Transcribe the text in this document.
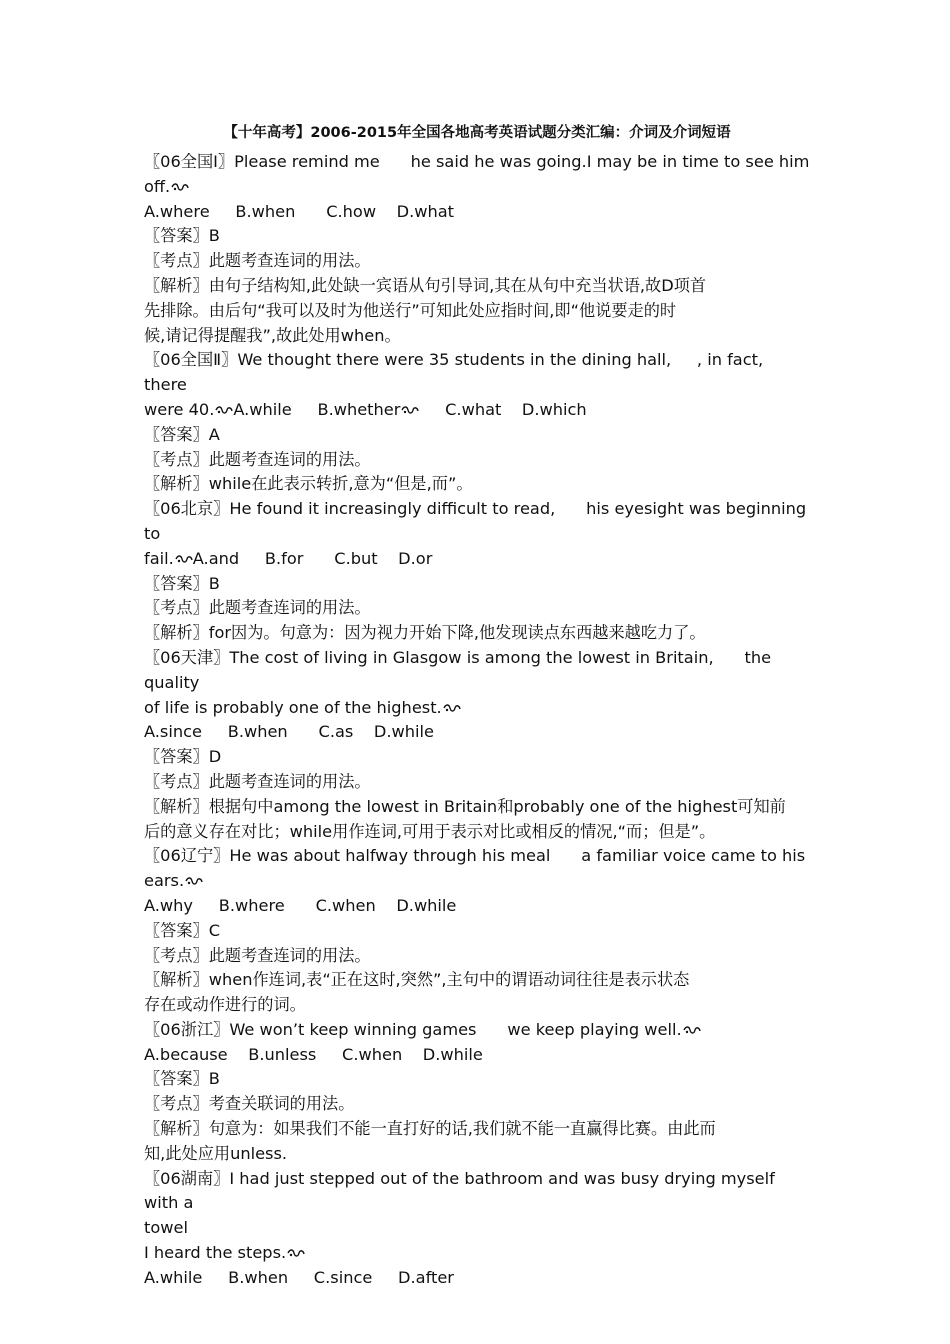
【十年高考】2006-2015年全国各地高考英语试题分类汇编：介词及介词短语

〖06全国Ⅰ〗Please remind me      he said he was going.I may be in time to see him

off.

A.where     B.when      C.how    D.what

〖答案〗B

〖考点〗此题考查连词的用法。

〖解析〗由句子结构知,此处缺一宾语从句引导词,其在从句中充当状语,故D项首

先排除。由后句“我可以及时为他送行”可知此处应指时间,即“他说要走的时

候,请记得提醒我”,故此处用when。

〖06全国Ⅱ〗We thought there were 35 students in the dining hall,     , in fact, there

were 40. A.while     B.whether     C.what    D.which

〖答案〗A

〖考点〗此题考查连词的用法。

〖解析〗while在此表示转折,意为“但是,而”。

〖06北京〗He found it increasingly difficult to read,      his eyesight was beginning to

fail. A.and     B.for      C.but    D.or

〖答案〗B

〖考点〗此题考查连词的用法。

〖解析〗for因为。句意为：因为视力开始下降,他发现读点东西越来越吃力了。

〖06天津〗The cost of living in Glasgow is among the lowest in Britain,      the quality

of life is probably one of the highest.

A.since     B.when      C.as    D.while

〖答案〗D

〖考点〗此题考查连词的用法。

〖解析〗根据句中among the lowest in Britain和probably one of the highest可知前

后的意义存在对比；while用作连词,可用于表示对比或相反的情况,“而；但是”。

〖06辽宁〗He was about halfway through his meal      a familiar voice came to his

ears.

A.why     B.where      C.when    D.while

〖答案〗C

〖考点〗此题考查连词的用法。

〖解析〗when作连词,表“正在这时,突然”,主句中的谓语动词往往是表示状态

存在或动作进行的词。

〖06浙江〗We won’t keep winning games      we keep playing well.

A.because    B.unless     C.when    D.while

〖答案〗B

〖考点〗考查关联词的用法。

〖解析〗句意为：如果我们不能一直打好的话,我们就不能一直赢得比赛。由此而

知,此处应用unless.

〖06湖南〗I had just stepped out of the bathroom and was busy drying myself with a

towel

I heard the steps.

A.while     B.when     C.since     D.after
